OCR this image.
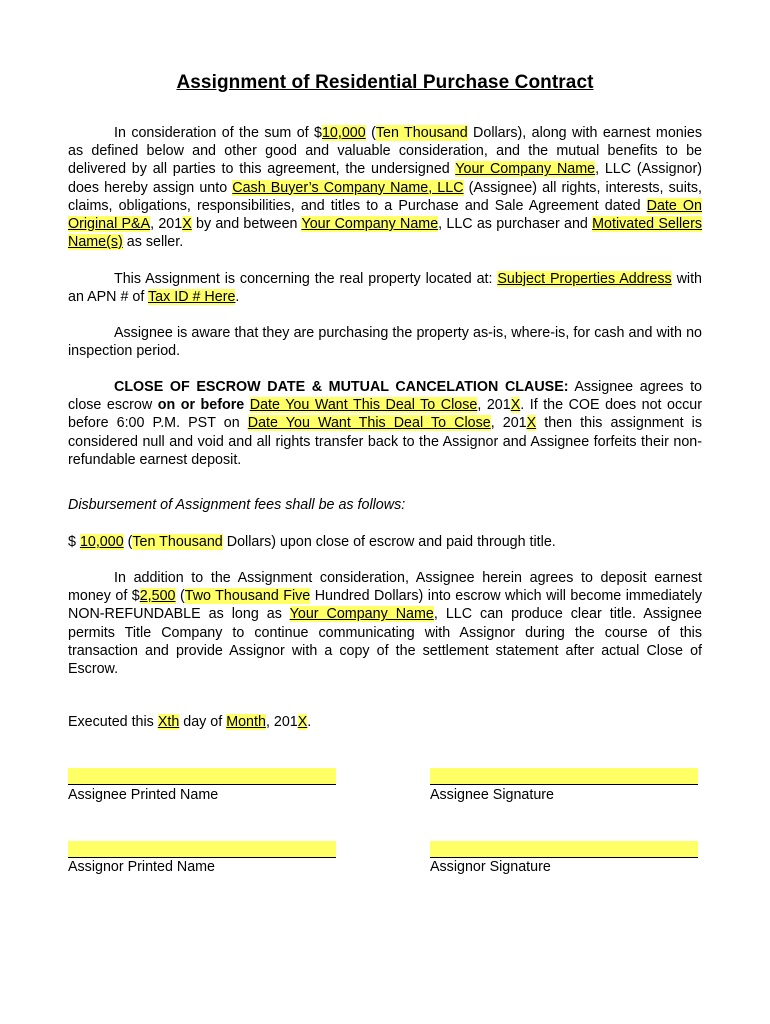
Assignment of Residential Purchase Contract
In consideration of the sum of $10,000 (Ten Thousand Dollars), along with earnest monies as defined below and other good and valuable consideration, and the mutual benefits to be delivered by all parties to this agreement, the undersigned Your Company Name, LLC (Assignor) does hereby assign unto Cash Buyer’s Company Name, LLC (Assignee) all rights, interests, suits, claims, obligations, responsibilities, and titles to a Purchase and Sale Agreement dated Date On Original P&A, 201X by and between Your Company Name, LLC as purchaser and Motivated Sellers Name(s) as seller.
This Assignment is concerning the real property located at: Subject Properties Address with an APN # of Tax ID # Here.
Assignee is aware that they are purchasing the property as-is, where-is, for cash and with no inspection period.
CLOSE OF ESCROW DATE & MUTUAL CANCELATION CLAUSE: Assignee agrees to close escrow on or before Date You Want This Deal To Close, 201X. If the COE does not occur before 6:00 P.M. PST on Date You Want This Deal To Close, 201X then this assignment is considered null and void and all rights transfer back to the Assignor and Assignee forfeits their non-refundable earnest deposit.
Disbursement of Assignment fees shall be as follows:
$ 10,000 (Ten Thousand Dollars) upon close of escrow and paid through title.
In addition to the Assignment consideration, Assignee herein agrees to deposit earnest money of $2,500 (Two Thousand Five Hundred Dollars) into escrow which will become immediately NON-REFUNDABLE as long as Your Company Name, LLC can produce clear title. Assignee permits Title Company to continue communicating with Assignor during the course of this transaction and provide Assignor with a copy of the settlement statement after actual Close of Escrow.
Executed this Xth day of Month, 201X.
Assignee Printed Name	Assignee Signature
Assignor Printed Name	Assignor Signature
